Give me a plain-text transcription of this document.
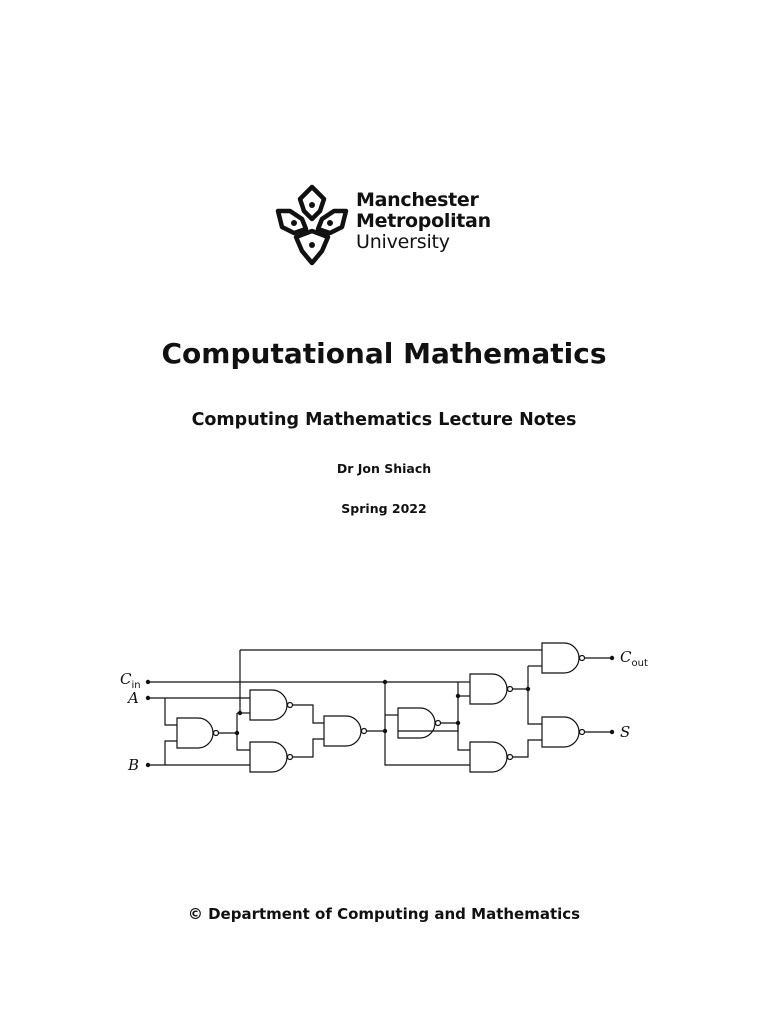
Manchester
Metropolitan
University
Computational Mathematics
Computing Mathematics Lecture Notes
Dr Jon Shiach
Spring 2022
$C_{in}$
A
B
$C_{out}$
S
© Department of Computing and Mathematics
